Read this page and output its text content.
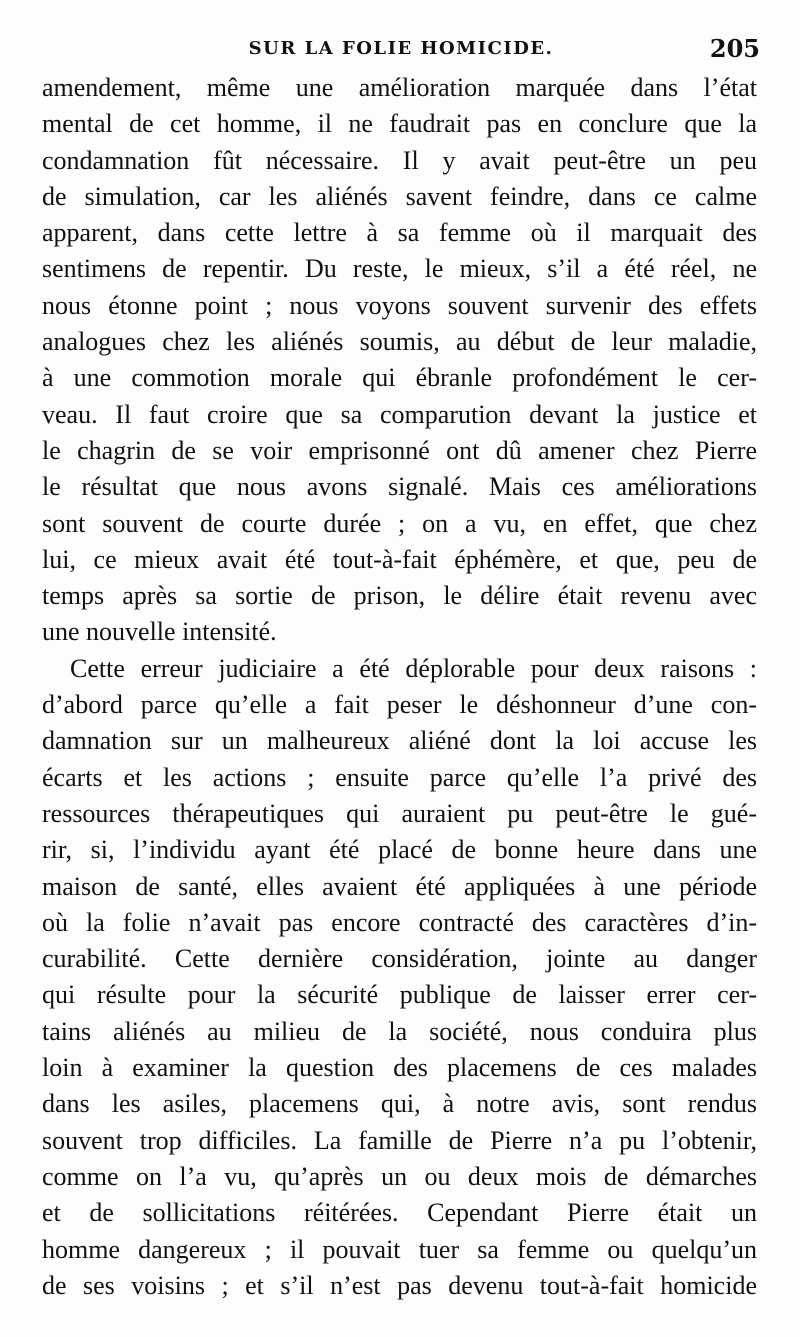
SUR LA FOLIE HOMICIDE.	205
amendement, même une amélioration marquée dans l’état
mental de cet homme, il ne faudrait pas en conclure que la
condamnation fût nécessaire. Il y avait peut-être un peu
de simulation, car les aliénés savent feindre, dans ce calme
apparent, dans cette lettre à sa femme où il marquait des
sentimens de repentir. Du reste, le mieux, s’il a été réel, ne
nous étonne point ; nous voyons souvent survenir des effets
analogues chez les aliénés soumis, au début de leur maladie,
à une commotion morale qui ébranle profondément le cer-
veau. Il faut croire que sa comparution devant la justice et
le chagrin de se voir emprisonné ont dû amener chez Pierre
le résultat que nous avons signalé. Mais ces améliorations
sont souvent de courte durée ; on a vu, en effet, que chez
lui, ce mieux avait été tout-à-fait éphémère, et que, peu de
temps après sa sortie de prison, le délire était revenu avec
une nouvelle intensité.
Cette erreur judiciaire a été déplorable pour deux raisons :
d’abord parce qu’elle a fait peser le déshonneur d’une con-
damnation sur un malheureux aliéné dont la loi accuse les
écarts et les actions ; ensuite parce qu’elle l’a privé des
ressources thérapeutiques qui auraient pu peut-être le gué-
rir, si, l’individu ayant été placé de bonne heure dans une
maison de santé, elles avaient été appliquées à une période
où la folie n’avait pas encore contracté des caractères d’in-
curabilité. Cette dernière considération, jointe au danger
qui résulte pour la sécurité publique de laisser errer cer-
tains aliénés au milieu de la société, nous conduira plus
loin à examiner la question des placemens de ces malades
dans les asiles, placemens qui, à notre avis, sont rendus
souvent trop difficiles. La famille de Pierre n’a pu l’obtenir,
comme on l’a vu, qu’après un ou deux mois de démarches
et de sollicitations réitérées. Cependant Pierre était un
homme dangereux ; il pouvait tuer sa femme ou quelqu’un
de ses voisins ; et s’il n’est pas devenu tout-à-fait homicide
